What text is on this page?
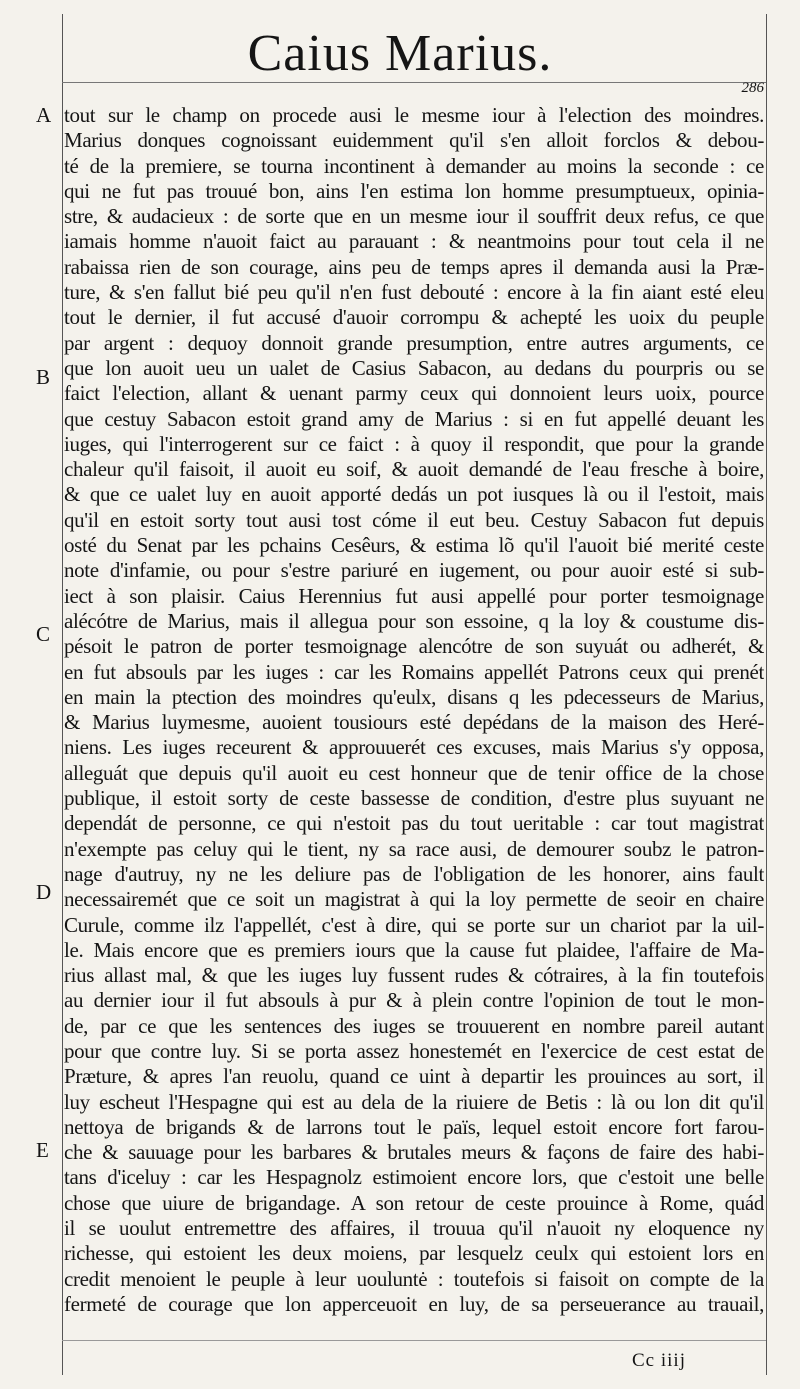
Caius Marius.
286
A
B
C
D
E
tout sur le champ on procede ausi le mesme iour à l'election des moindres.
Marius donques cognoissant euidemment qu'il s'en alloit forclos & debou-
té de la premiere, se tourna incontinent à demander au moins la seconde : ce
qui ne fut pas trouué bon, ains l'en estima lon homme presumptueux, opinia-
stre, & audacieux : de sorte que en un mesme iour il souffrit deux refus, ce que
iamais homme n'auoit faict au parauant : & neantmoins pour tout cela il ne
rabaissa rien de son courage, ains peu de temps apres il demanda ausi la Præ-
ture, & s'en fallut bié peu qu'il n'en fust debouté : encore à la fin aiant esté eleu
tout le dernier, il fut accusé d'auoir corrompu & achepté les uoix du peuple
par argent : dequoy donnoit grande presumption, entre autres arguments, ce
que lon auoit ueu un ualet de Casius Sabacon, au dedans du pourpris ou se
faict l'election, allant & uenant parmy ceux qui donnoient leurs uoix, pource
que cestuy Sabacon estoit grand amy de Marius : si en fut appellé deuant les
iuges, qui l'interrogerent sur ce faict : à quoy il respondit, que pour la grande
chaleur qu'il faisoit, il auoit eu soif, & auoit demandé de l'eau fresche à boire,
& que ce ualet luy en auoit apporté dedás un pot iusques là ou il l'estoit, mais
qu'il en estoit sorty tout ausi tost cóme il eut beu. Cestuy Sabacon fut depuis
osté du Senat par les pchains Cesêurs, & estima lõ qu'il l'auoit bié merité ceste
note d'infamie, ou pour s'estre pariuré en iugement, ou pour auoir esté si sub-
iect à son plaisir. Caius Herennius fut ausi appellé pour porter tesmoignage
alécótre de Marius, mais il allegua pour son essoine, q la loy & coustume dis-
pésoit le patron de porter tesmoignage alencótre de son suyuát ou adherét, &
en fut absouls par les iuges : car les Romains appellét Patrons ceux qui prenét
en main la ptection des moindres qu'eulx, disans q les pdecesseurs de Marius,
& Marius luymesme, auoient tousiours esté depédans de la maison des Heré-
niens. Les iuges receurent & approuuerét ces excuses, mais Marius s'y opposa,
alleguát que depuis qu'il auoit eu cest honneur que de tenir office de la chose
publique, il estoit sorty de ceste bassesse de condition, d'estre plus suyuant ne
dependát de personne, ce qui n'estoit pas du tout ueritable : car tout magistrat
n'exempte pas celuy qui le tient, ny sa race ausi, de demourer soubz le patron-
nage d'autruy, ny ne les deliure pas de l'obligation de les honorer, ains fault
necessairemét que ce soit un magistrat à qui la loy permette de seoir en chaire
Curule, comme ilz l'appellét, c'est à dire, qui se porte sur un chariot par la uil-
le. Mais encore que es premiers iours que la cause fut plaidee, l'affaire de Ma-
rius allast mal, & que les iuges luy fussent rudes & cótraires, à la fin toutefois
au dernier iour il fut absouls à pur & à plein contre l'opinion de tout le mon-
de, par ce que les sentences des iuges se trouuerent en nombre pareil autant
pour que contre luy. Si se porta assez honestemét en l'exercice de cest estat de
Præture, & apres l'an reuolu, quand ce uint à departir les prouinces au sort, il
luy escheut l'Hespagne qui est au dela de la riuiere de Betis : là ou lon dit qu'il
nettoya de brigands & de larrons tout le païs, lequel estoit encore fort farou-
che & sauuage pour les barbares & brutales meurs & façons de faire des habi-
tans d'iceluy : car les Hespagnolz estimoient encore lors, que c'estoit une belle
chose que uiure de brigandage. A son retour de ceste prouince à Rome, quád
il se uoulut entremettre des affaires, il trouua qu'il n'auoit ny eloquence ny
richesse, qui estoient les deux moiens, par lesquelz ceulx qui estoient lors en
credit menoient le peuple à leur uouluntė : toutefois si faisoit on compte de la
fermeté de courage que lon apperceuoit en luy, de sa perseuerance au trauail,
Cc iiij
